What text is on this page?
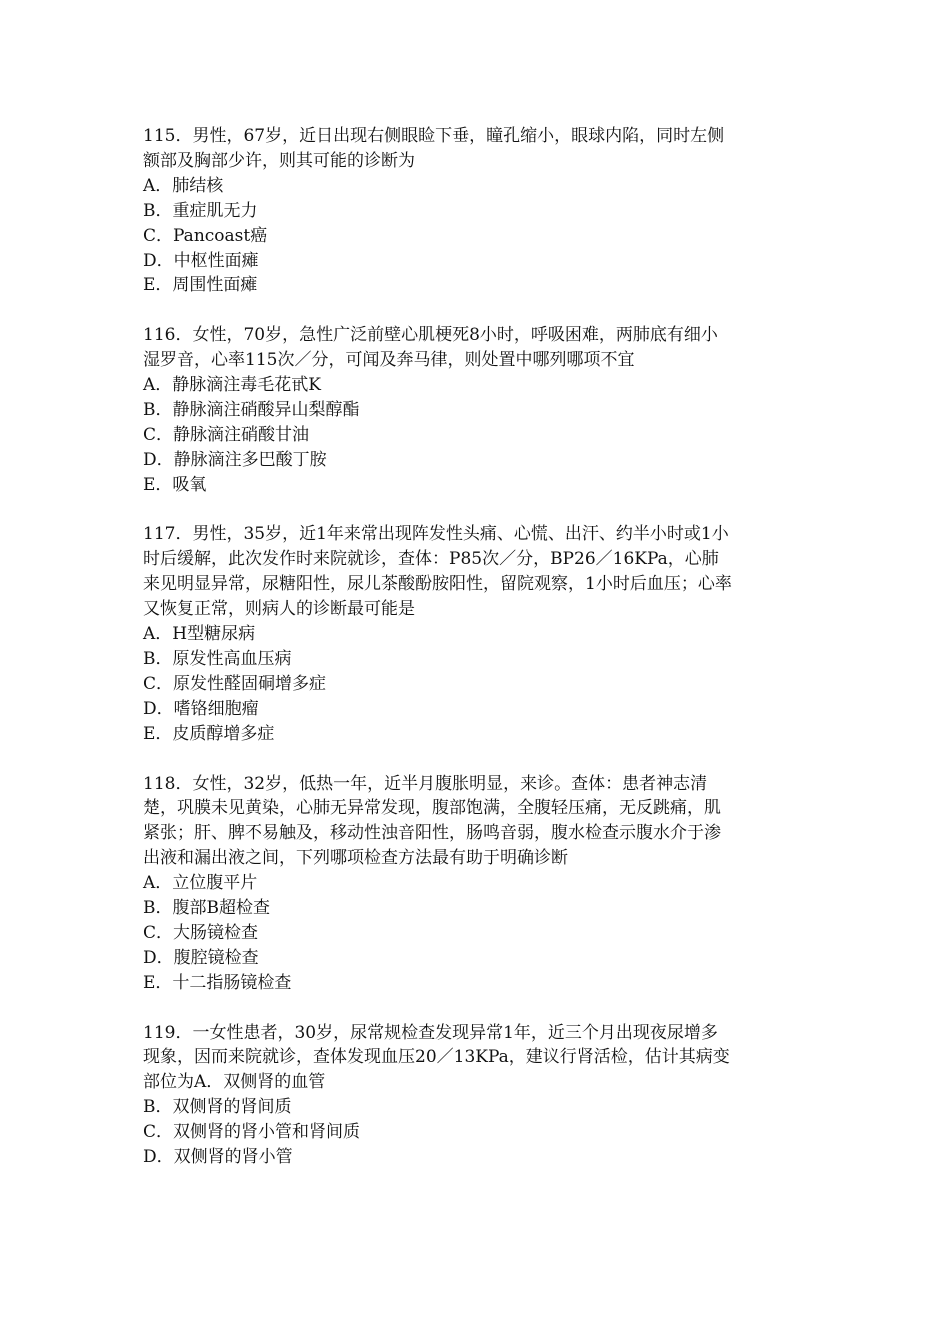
115．男性，67岁，近日出现右侧眼睑下垂，瞳孔缩小，眼球内陷，同时左侧额部及胸部少许，则其可能的诊断为

A．肺结核
B．重症肌无力
C．Pancoast癌
D．中枢性面瘫
E．周围性面瘫

116．女性，70岁，急性广泛前壁心肌梗死8小时，呼吸困难，两肺底有细小湿罗音，心率115次／分，可闻及奔马律，则处置中哪列哪项不宜

A．静脉滴注毒毛花甙K
B．静脉滴注硝酸异山梨醇酯
C．静脉滴注硝酸甘油
D．静脉滴注多巴酸丁胺
E．吸氧

117．男性，35岁，近1年来常出现阵发性头痛、心慌、出汗、约半小时或1小时后缓解，此次发作时来院就诊，查体：P85次／分，BP26／16KPa，心肺来见明显异常，尿糖阳性，尿儿茶酸酚胺阳性，留院观察，1小时后血压；心率又恢复正常，则病人的诊断最可能是

A．H型糖尿病
B．原发性高血压病
C．原发性醛固硐增多症
D．嗜铬细胞瘤
E．皮质醇增多症

118．女性，32岁，低热一年，近半月腹胀明显，来诊。查体：患者神志清楚，巩膜未见黄染，心肺无异常发现，腹部饱满，全腹轻压痛，无反跳痛，肌紧张；肝、脾不易触及，移动性浊音阳性，肠鸣音弱，腹水检查示腹水介于渗出液和漏出液之间，下列哪项检查方法最有助于明确诊断

A．立位腹平片
B．腹部B超检查
C．大肠镜检查
D．腹腔镜检查
E．十二指肠镜检查

119．一女性患者，30岁，尿常规检查发现异常1年，近三个月出现夜尿增多现象，因而来院就诊，查体发现血压20／13KPa，建议行肾活检，估计其病变部位为A．双侧肾的血管

B．双侧肾的肾间质
C．双侧肾的肾小管和肾间质
D．双侧肾的肾小管
